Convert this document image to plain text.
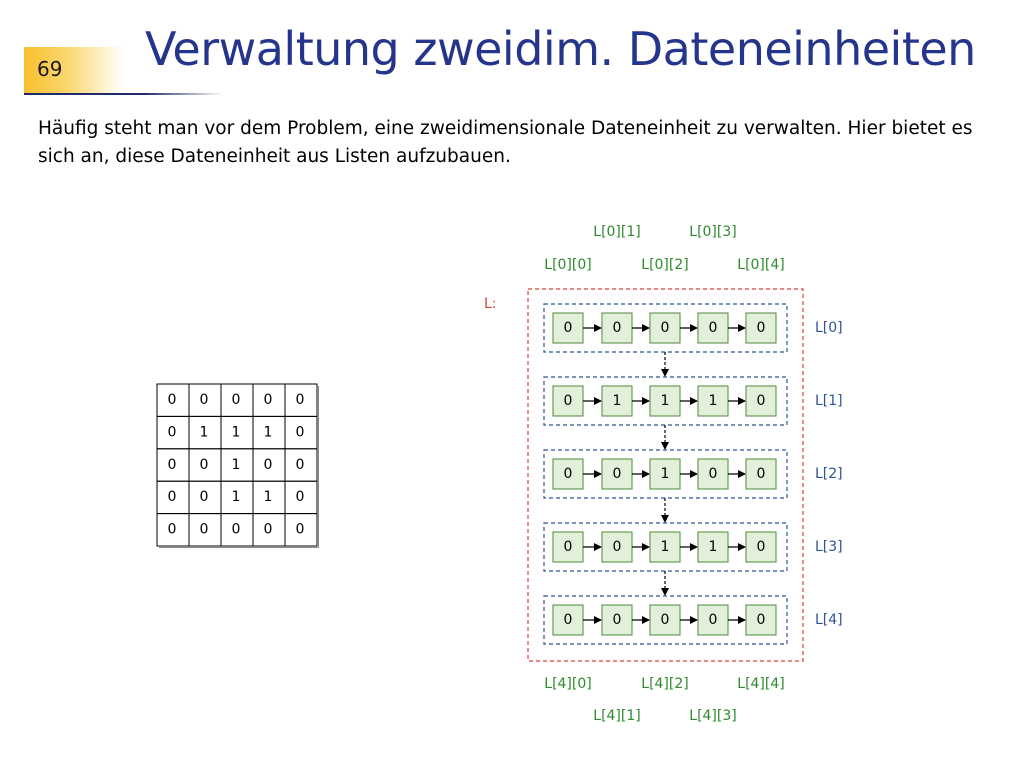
69 Verwaltung zweidim. Dateneinheiten
Häufig steht man vor dem Problem, eine zweidimensionale Dateneinheit zu verwalten. Hier bietet es sich an, diese Dateneinheit aus Listen aufzubauen.
0 0 0 0 0
0 1 1 1 0
0 0 1 0 0
0 0 1 1 0
0 0 0 0 0
L:
0	0	0	0	0	L[0]
0	1	1	1	0	L[1]
0	0	1	0	0	L[2]
0	0	1	1	0	L[3]
0	0	0	0	0	L[4]
L[0][1]	L[0][3]
L[0][0]	L[0][2]	L[0][4]
L[4][0]	L[4][2]	L[4][4]
L[4][1]	L[4][3]
